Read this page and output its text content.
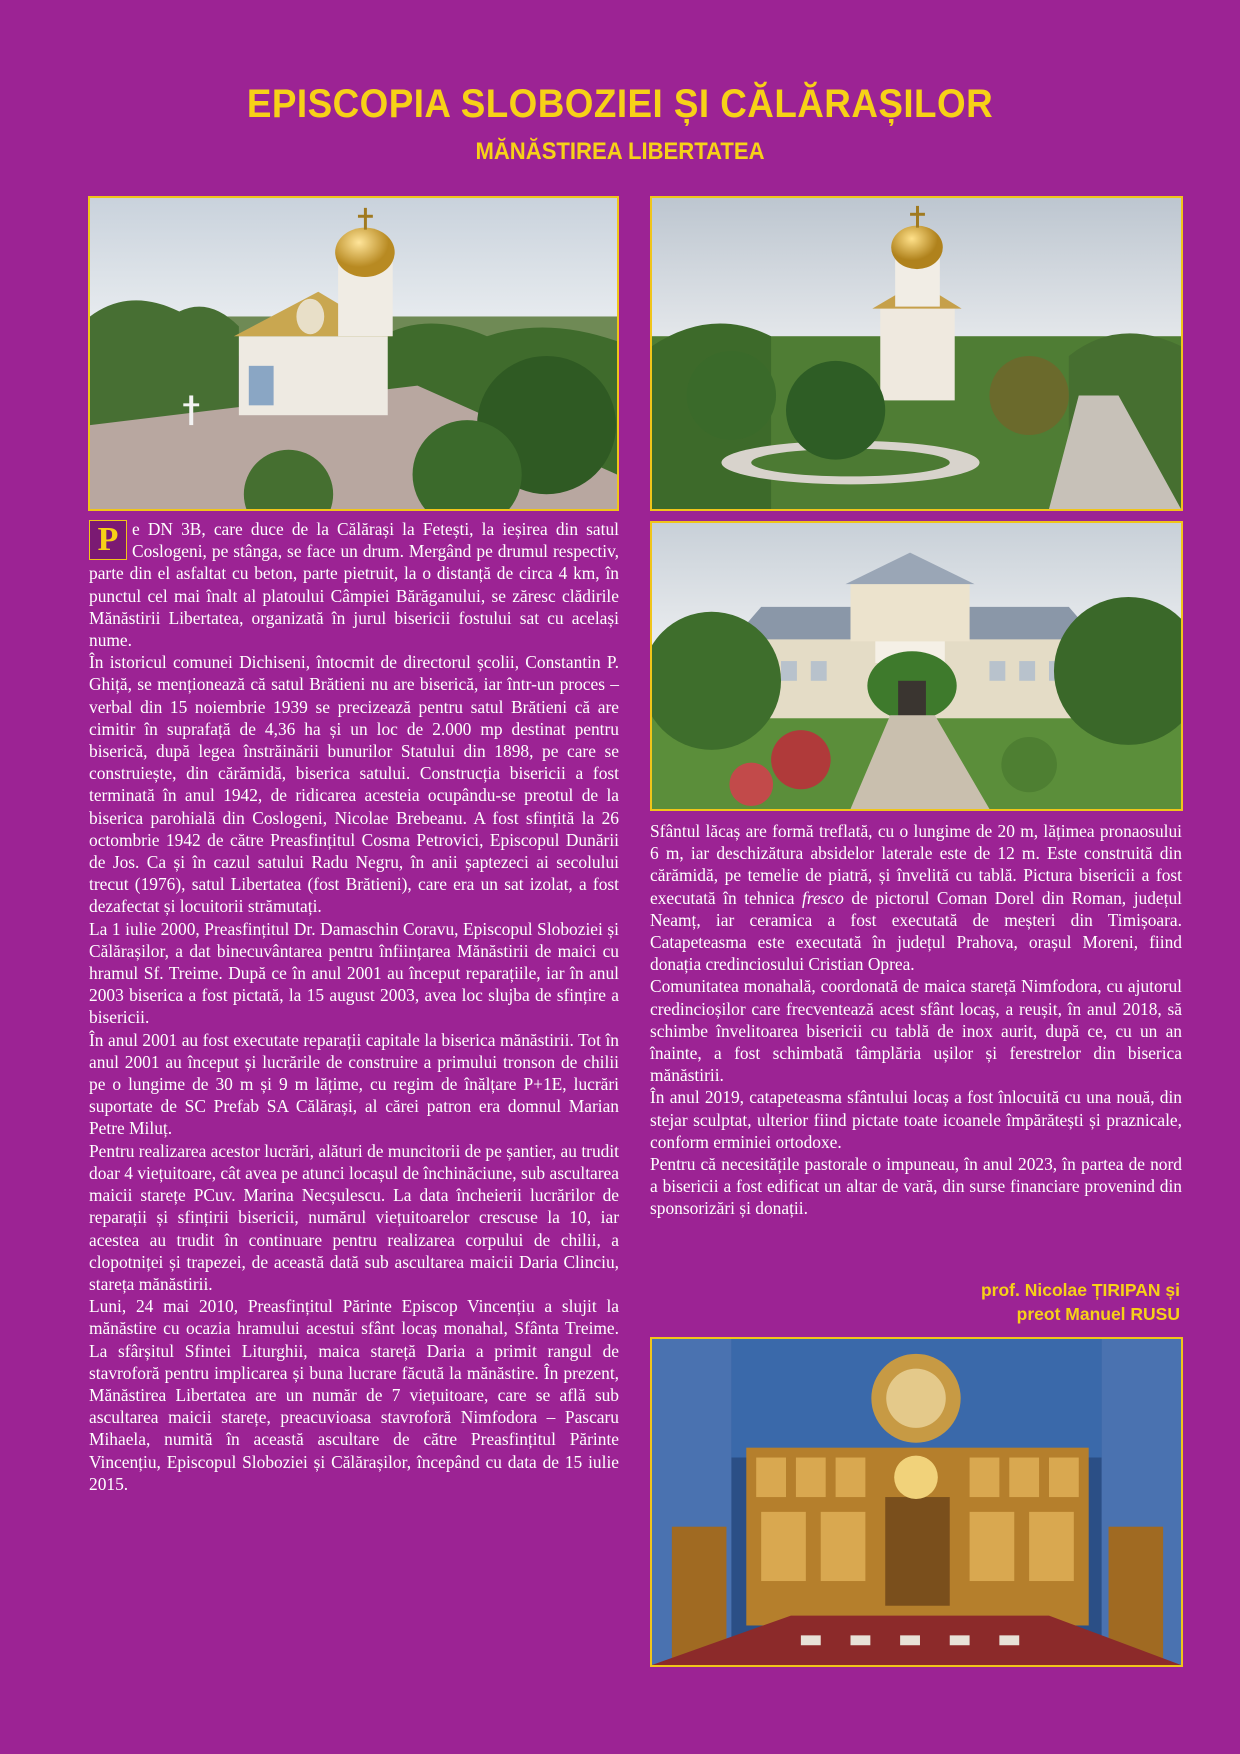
EPISCOPIA SLOBOZIEI ȘI CĂLĂRAȘILOR
MĂNĂSTIREA LIBERTATEA

P e DN 3B, care duce de la Călărași la Fetești, la ieșirea din satul Coslogeni, pe stânga, se face un drum. Mergând pe drumul respectiv, parte din el asfaltat cu beton, parte pietruit, la o distanță de circa 4 km, în punctul cel mai înalt al platoului Câmpiei Bărăganului, se zăresc clădirile Mănăstirii Libertatea, organizată în jurul bisericii fostului sat cu același nume.

În istoricul comunei Dichiseni, întocmit de directorul școlii, Constantin P. Ghiță, se menționează că satul Brătieni nu are biserică, iar într-un proces – verbal din 15 noiembrie 1939 se precizează pentru satul Brătieni că are cimitir în suprafață de 4,36 ha și un loc de 2.000 mp destinat pentru biserică, după legea înstrăinării bunurilor Statului din 1898, pe care se construiește, din cărămidă, biserica satului. Construcția bisericii a fost terminată în anul 1942, de ridicarea acesteia ocupându-se preotul de la biserica parohială din Coslogeni, Nicolae Brebeanu. A fost sfințită la 26 octombrie 1942 de către Preasfințitul Cosma Petrovici, Episcopul Dunării de Jos. Ca și în cazul satului Radu Negru, în anii șaptezeci ai secolului trecut (1976), satul Libertatea (fost Brătieni), care era un sat izolat, a fost dezafectat și locuitorii strămutați.

La 1 iulie 2000, Preasfințitul Dr. Damaschin Coravu, Episcopul Sloboziei și Călărașilor, a dat binecuvântarea pentru înființarea Mănăstirii de maici cu hramul Sf. Treime. După ce în anul 2001 au început reparațiile, iar în anul 2003 biserica a fost pictată, la 15 august 2003, avea loc slujba de sfințire a bisericii.

În anul 2001 au fost executate reparații capitale la biserica mănăstirii. Tot în anul 2001 au început și lucrările de construire a primului tronson de chilii pe o lungime de 30 m și 9 m lățime, cu regim de înălțare P+1E, lucrări suportate de SC Prefab SA Călărași, al cărei patron era domnul Marian Petre Miluț.

Pentru realizarea acestor lucrări, alături de muncitorii de pe șantier, au trudit doar 4 viețuitoare, cât avea pe atunci locașul de închinăciune, sub ascultarea maicii starețe PCuv. Marina Necșulescu. La data încheierii lucrărilor de reparații și sfințirii bisericii, numărul viețuitoarelor crescuse la 10, iar acestea au trudit în continuare pentru realizarea corpului de chilii, a clopotniței și trapezei, de această dată sub ascultarea maicii Daria Clinciu, stareța mănăstirii.

Luni, 24 mai 2010, Preasfințitul Părinte Episcop Vincențiu a slujit la mănăstire cu ocazia hramului acestui sfânt locaș monahal, Sfânta Treime. La sfârșitul Sfintei Liturghii, maica stareță Daria a primit rangul de stavroforă pentru implicarea și buna lucrare făcută la mănăstire. În prezent, Mănăstirea Libertatea are un număr de 7 viețuitoare, care se află sub ascultarea maicii starețe, preacuvioasa stavroforă Nimfodora – Pascaru Mihaela, numită în această ascultare de către Preasfințitul Părinte Vincențiu, Episcopul Sloboziei și Călărașilor, începând cu data de 15 iulie 2015.

Sfântul lăcaș are formă treflată, cu o lungime de 20 m, lățimea pronaosului 6 m, iar deschizătura absidelor laterale este de 12 m. Este construită din cărămidă, pe temelie de piatră, și învelită cu tablă. Pictura bisericii a fost executată în tehnica fresco de pictorul Coman Dorel din Roman, județul Neamț, iar ceramica a fost executată de meșteri din Timișoara. Catapeteasma este executată în județul Prahova, orașul Moreni, fiind donația credinciosului Cristian Oprea.

Comunitatea monahală, coordonată de maica stareță Nimfodora, cu ajutorul credincioșilor care frecventează acest sfânt locaș, a reușit, în anul 2018, să schimbe învelitoarea bisericii cu tablă de inox aurit, după ce, cu un an înainte, a fost schimbată tâmplăria ușilor și ferestrelor din biserica mănăstirii.

În anul 2019, catapeteasma sfântului locaș a fost înlocuită cu una nouă, din stejar sculptat, ulterior fiind pictate toate icoanele împărătești și praznicale, conform erminiei ortodoxe.

Pentru că necesitățile pastorale o impuneau, în anul 2023, în partea de nord a bisericii a fost edificat un altar de vară, din surse financiare provenind din sponsorizări și donații.

prof. Nicolae ȚIRIPAN și
preot Manuel RUSU
